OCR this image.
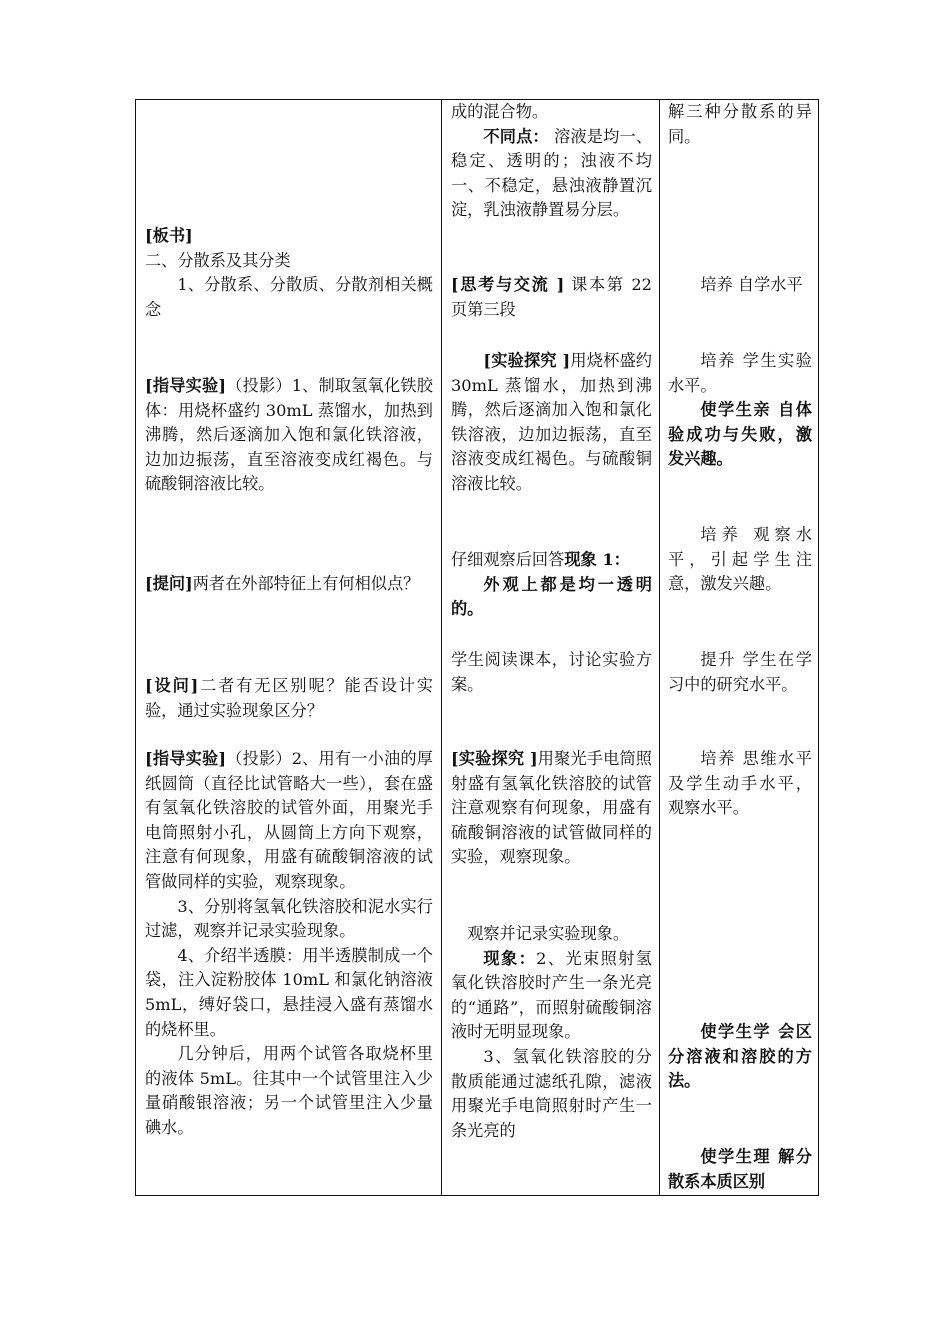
[板书]

二、分散系及其分类

1、分散系、分散质、分散剂相关概念

[指导实验]（投影）1、制取氢氧化铁胶体：用烧杯盛约 30mL 蒸馏水，加热到沸腾，然后逐滴加入饱和氯化铁溶液，边加边振荡，直至溶液变成红褐色。与硫酸铜溶液比较。

[提问]两者在外部特征上有何相似点？

[设问]二者有无区别呢？能否设计实验，通过实验现象区分？

[指导实验]（投影）2、用有一小油的厚纸圆筒（直径比试管略大一些），套在盛有氢氧化铁溶胶的试管外面，用聚光手电筒照射小孔，从圆筒上方向下观察，注意有何现象，用盛有硫酸铜溶液的试管做同样的实验，观察现象。

3、分别将氢氧化铁溶胶和泥水实行过滤，观察并记录实验现象。

4、介绍半透膜：用半透膜制成一个袋，注入淀粉胶体 10mL 和氯化钠溶液 5mL，缚好袋口，悬挂浸入盛有蒸馏水的烧杯里。

几分钟后，用两个试管各取烧杯里的液体 5mL。往其中一个试管里注入少量硝酸银溶液；另一个试管里注入少量碘水。

成的混合物。

不同点： 溶液是均一、稳定、透明的；浊液不均一、不稳定，悬浊液静置沉淀，乳浊液静置易分层。

[思考与交流 ] 课本第 22 页第三段

[实验探究 ]用烧杯盛约 30mL 蒸馏水，加热到沸腾，然后逐滴加入饱和氯化铁溶液，边加边振荡，直至溶液变成红褐色。与硫酸铜溶液比较。

仔细观察后回答现象 1：

外观上都是均一透明的。

学生阅读课本，讨论实验方案。

[实验探究 ]用聚光手电筒照射盛有氢氧化铁溶胶的试管注意观察有何现象，用盛有硫酸铜溶液的试管做同样的实验，观察现象。

观察并记录实验现象。

现象：2、光束照射氢氧化铁溶胶时产生一条光亮的“通路”，而照射硫酸铜溶液时无明显现象。

3、氢氧化铁溶胶的分散质能通过滤纸孔隙，滤液用聚光手电筒照射时产生一条光亮的

解三种分散系的异同。

培养 自学水平

培养 学生实验水平。

使学生亲 自体验成功与失败，激发兴趣。

培养 观察水平，引起学生注意，激发兴趣。

提升 学生在学习中的研究水平。

培养 思维水平及学生动手水平，观察水平。

使学生学 会区分溶液和溶胶的方法。

使学生理 解分散系本质区别
